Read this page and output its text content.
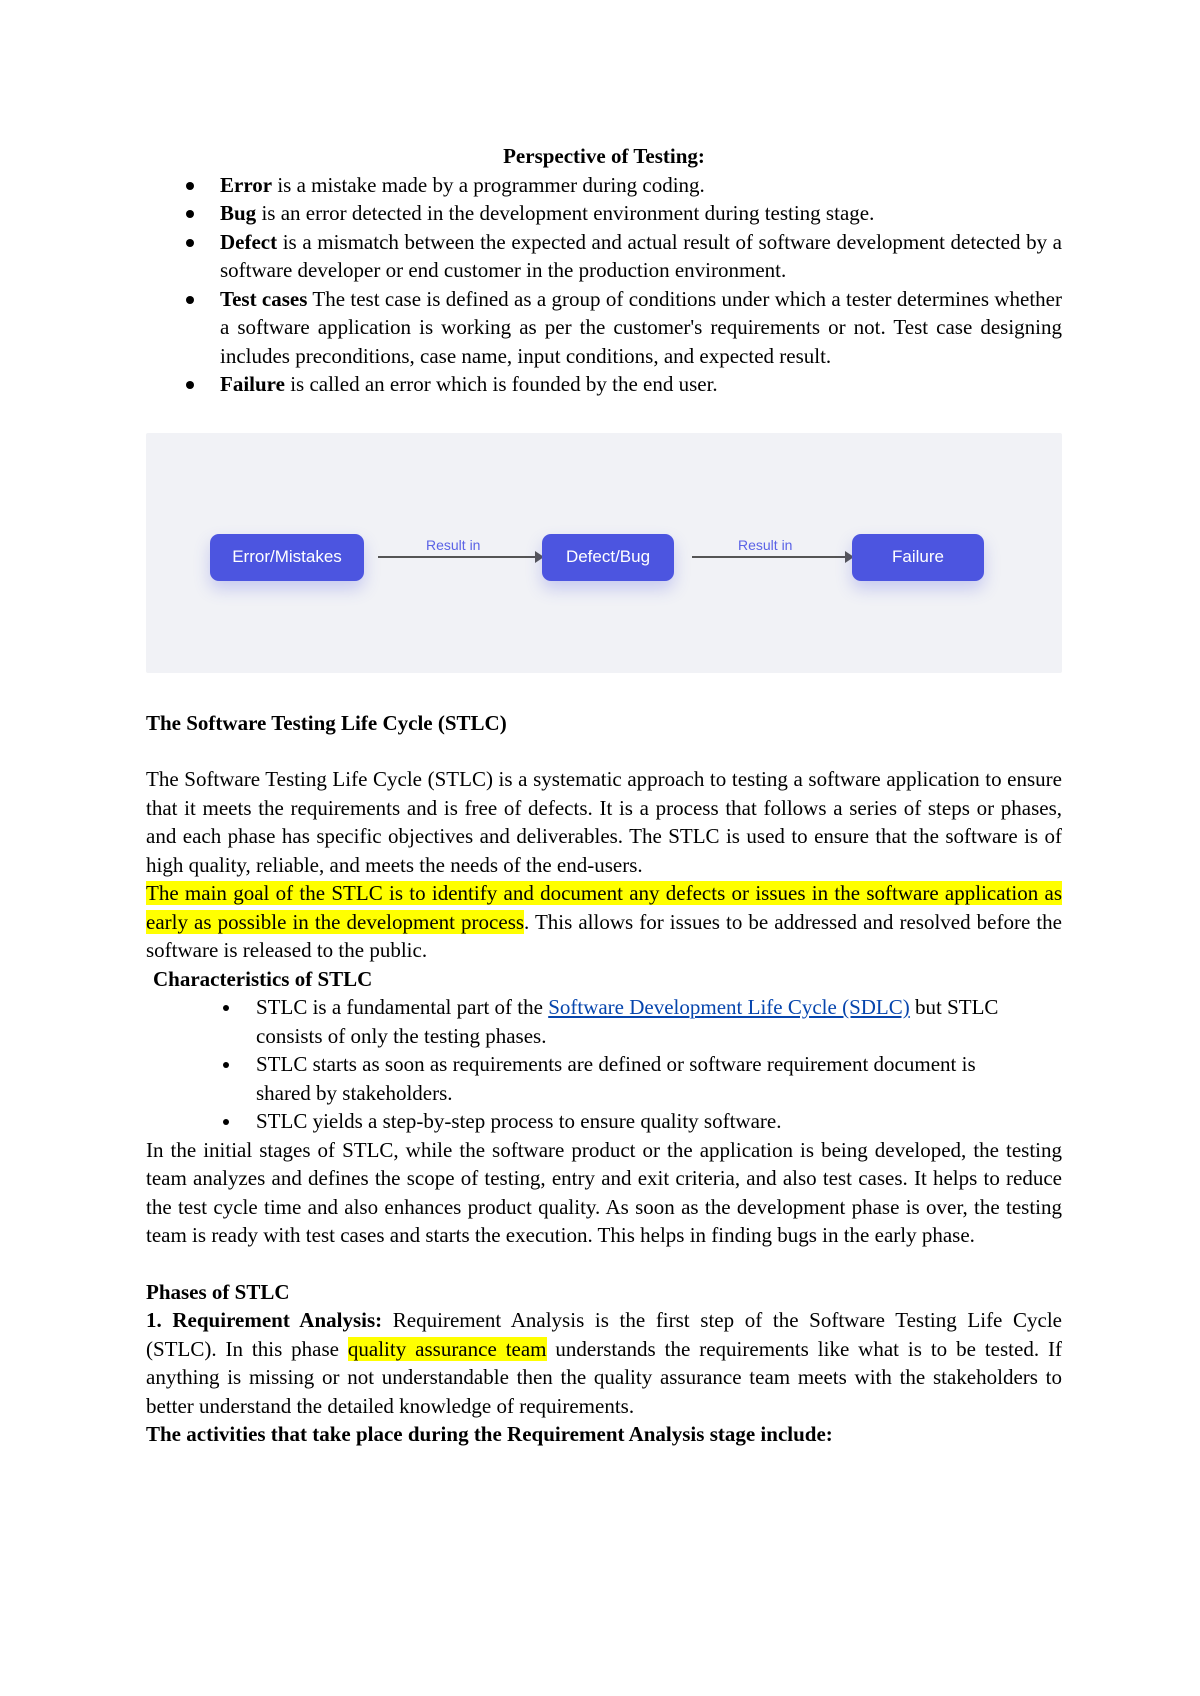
Perspective of Testing:

Error is a mistake made by a programmer during coding.
Bug is an error detected in the development environment during testing stage.
Defect is a mismatch between the expected and actual result of software development detected by a software developer or end customer in the production environment.
Test cases The test case is defined as a group of conditions under which a tester determines whether a software application is working as per the customer's requirements or not. Test case designing includes preconditions, case name, input conditions, and expected result.
Failure is called an error which is founded by the end user.
Error/Mistakes
Result in
Defect/Bug
Result in
Failure

The Software Testing Life Cycle (STLC)

The Software Testing Life Cycle (STLC) is a systematic approach to testing a software application to ensure that it meets the requirements and is free of defects. It is a process that follows a series of steps or phases, and each phase has specific objectives and deliverables. The STLC is used to ensure that the software is of high quality, reliable, and meets the needs of the end-users.

The main goal of the STLC is to identify and document any defects or issues in the software application as early as possible in the development process. This allows for issues to be addressed and resolved before the software is released to the public.

Characteristics of STLC

STLC is a fundamental part of the Software Development Life Cycle (SDLC) but STLC consists of only the testing phases.
STLC starts as soon as requirements are defined or software requirement document is shared by stakeholders.
STLC yields a step-by-step process to ensure quality software.

In the initial stages of STLC, while the software product or the application is being developed, the testing team analyzes and defines the scope of testing, entry and exit criteria, and also test cases. It helps to reduce the test cycle time and also enhances product quality. As soon as the development phase is over, the testing team is ready with test cases and starts the execution. This helps in finding bugs in the early phase.

Phases of STLC

1. Requirement Analysis: Requirement Analysis is the first step of the Software Testing Life Cycle (STLC). In this phase quality assurance team understands the requirements like what is to be tested. If anything is missing or not understandable then the quality assurance team meets with the stakeholders to better understand the detailed knowledge of requirements.

The activities that take place during the Requirement Analysis stage include:
